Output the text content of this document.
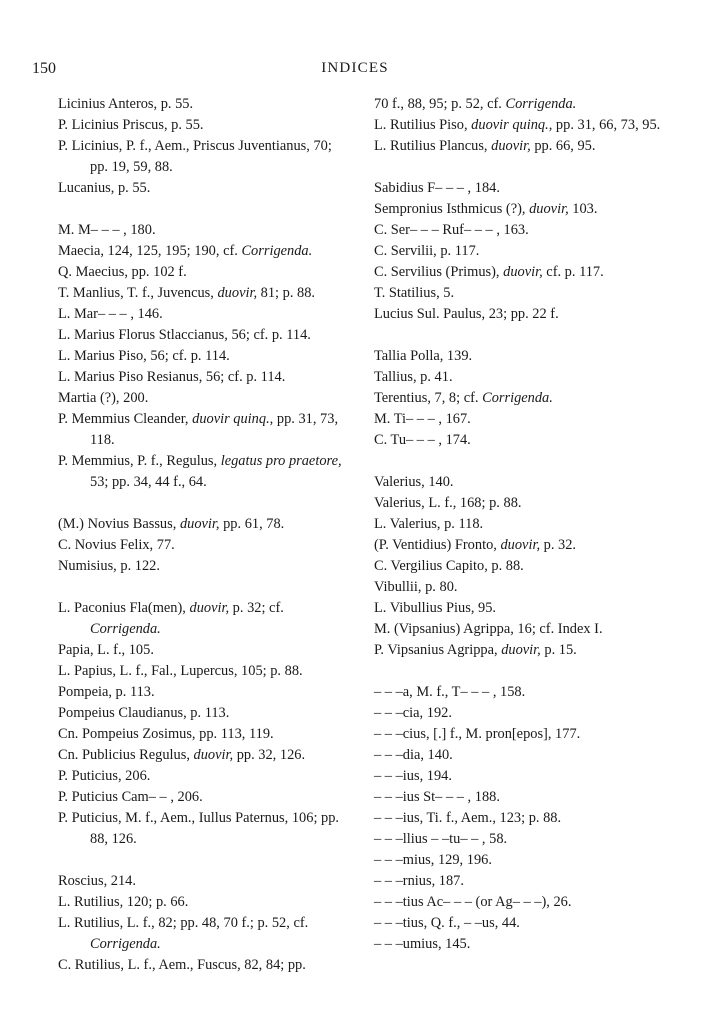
150	INDICES

Licinius Anteros, p. 55.

P. Licinius Priscus, p. 55.

P. Licinius, P. f., Aem., Priscus Juventianus, 70; pp. 19, 59, 88.

Lucanius, p. 55.

M. M– – – , 180.

Maecia, 124, 125, 195; 190, cf. Corrigenda.

Q. Maecius, pp. 102 f.

T. Manlius, T. f., Juvencus, duovir, 81; p. 88.

L. Mar– – – , 146.

L. Marius Florus Stlaccianus, 56; cf. p. 114.

L. Marius Piso, 56; cf. p. 114.

L. Marius Piso Resianus, 56; cf. p. 114.

Martia (?), 200.

P. Memmius Cleander, duovir quinq., pp. 31, 73, 118.

P. Memmius, P. f., Regulus, legatus pro praetore, 53; pp. 34, 44 f., 64.

(M.) Novius Bassus, duovir, pp. 61, 78.

C. Novius Felix, 77.

Numisius, p. 122.

L. Paconius Fla(men), duovir, p. 32; cf. Corrigenda.

Papia, L. f., 105.

L. Papius, L. f., Fal., Lupercus, 105; p. 88.

Pompeia, p. 113.

Pompeius Claudianus, p. 113.

Cn. Pompeius Zosimus, pp. 113, 119.

Cn. Publicius Regulus, duovir, pp. 32, 126.

P. Puticius, 206.

P. Puticius Cam– – , 206.

P. Puticius, M. f., Aem., Iullus Paternus, 106; pp. 88, 126.

Roscius, 214.

L. Rutilius, 120; p. 66.

L. Rutilius, L. f., 82; pp. 48, 70 f.; p. 52, cf. Corrigenda.

C. Rutilius, L. f., Aem., Fuscus, 82, 84; pp.

70 f., 88, 95; p. 52, cf. Corrigenda.

L. Rutilius Piso, duovir quinq., pp. 31, 66, 73, 95.

L. Rutilius Plancus, duovir, pp. 66, 95.

Sabidius F– – – , 184.

Sempronius Isthmicus (?), duovir, 103.

C. Ser– – – Ruf– – – , 163.

C. Servilii, p. 117.

C. Servilius (Primus), duovir, cf. p. 117.

T. Statilius, 5.

Lucius Sul. Paulus, 23; pp. 22 f.

Tallia Polla, 139.

Tallius, p. 41.

Terentius, 7, 8; cf. Corrigenda.

M. Ti– – – , 167.

C. Tu– – – , 174.

Valerius, 140.

Valerius, L. f., 168; p. 88.

L. Valerius, p. 118.

(P. Ventidius) Fronto, duovir, p. 32.

C. Vergilius Capito, p. 88.

Vibullii, p. 80.

L. Vibullius Pius, 95.

M. (Vipsanius) Agrippa, 16; cf. Index I.

P. Vipsanius Agrippa, duovir, p. 15.

– – –a, M. f., T– – – , 158.

– – –cia, 192.

– – –cius, [.] f., M. pron[epos], 177.

– – –dia, 140.

– – –ius, 194.

– – –ius St– – – , 188.

– – –ius, Ti. f., Aem., 123; p. 88.

– – –llius – –tu– – , 58.

– – –mius, 129, 196.

– – –rnius, 187.

– – –tius Ac– – – (or Ag– – –), 26.

– – –tius, Q. f., – –us, 44.

– – –umius, 145.
